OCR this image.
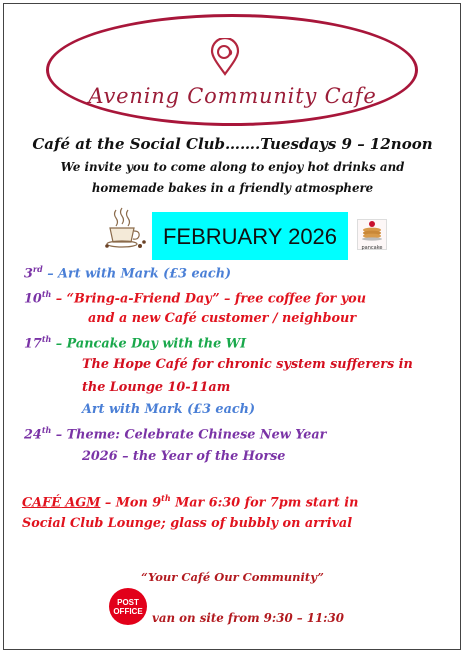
Avening Community Cafe
Café at the Social Club…….Tuesdays 9 – 12noon
We invite you to come along to enjoy hot drinks and
homemade bakes in a friendly atmosphere
FEBRUARY 2026	pancake
3rd – Art with Mark (£3 each)
10th – “Bring-a-Friend Day” – free coffee for you
and a new Café customer / neighbour
17th – Pancake Day with the WI
The Hope Café for chronic system sufferers in
the Lounge 10-11am
Art with Mark (£3 each)
24th – Theme: Celebrate Chinese New Year
2026 – the Year of the Horse
CAFÉ AGM – Mon 9th Mar 6:30 for 7pm start in
Social Club Lounge; glass of bubbly on arrival
“Your Café Our Community”
POST
OFFICE van on site from 9:30 – 11:30
